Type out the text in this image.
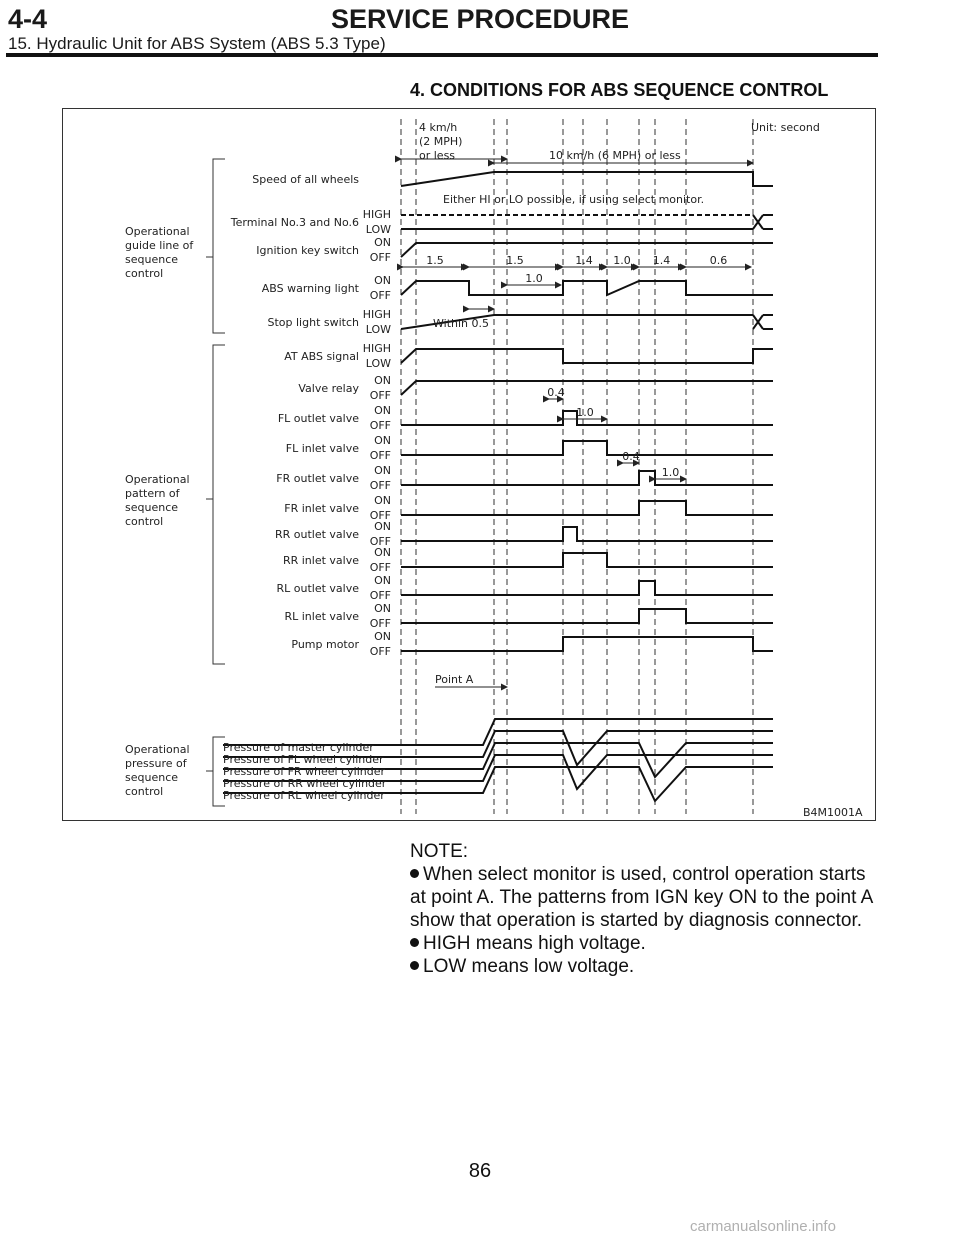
4-4	SERVICE PROCEDURE
15. Hydraulic Unit for ABS System (ABS 5.3 Type)
4. CONDITIONS FOR ABS SEQUENCE CONTROL
4 km/h
(2 MPH)
or less
Unit: second
10 km/h (6 MPH) or less
Either HI or LO possible, if using select monitor.
Within 0.5
Point A
B4M1001A
Operational
guide line of
sequence
control
Operational
pattern of
sequence
control
Operational
pressure of
sequence
control
Pressure of master cylinder
Pressure of FL wheel cylinder
Pressure of FR wheel cylinder
Pressure of RR wheel cylinder
Pressure of RL wheel cylinder
Speed of all wheels
Terminal No.3 and No.6
HIGH
LOW
Ignition key switch
ON
OFF
ABS warning light
ON
OFF
Stop light switch
HIGH
LOW
AT ABS signal
HIGH
LOW
Valve relay
ON
OFF
FL outlet valve
ON
OFF
FL inlet valve
ON
OFF
FR outlet valve
ON
OFF
FR inlet valve
ON
OFF
RR outlet valve
ON
OFF
RR inlet valve
ON
OFF
RL outlet valve
ON
OFF
RL inlet valve
ON
OFF
Pump motor
ON
OFF
1.5	1.5	1.4 1.0 1.4	0.6
1.0
0.4
1.0
0.4
1.0
NOTE:
When select monitor is used, control operation starts at point A. The patterns from IGN key ON to the point A show that operation is started by diagnosis connector.
HIGH means high voltage.
LOW means low voltage.
86
carmanualsonline.info
